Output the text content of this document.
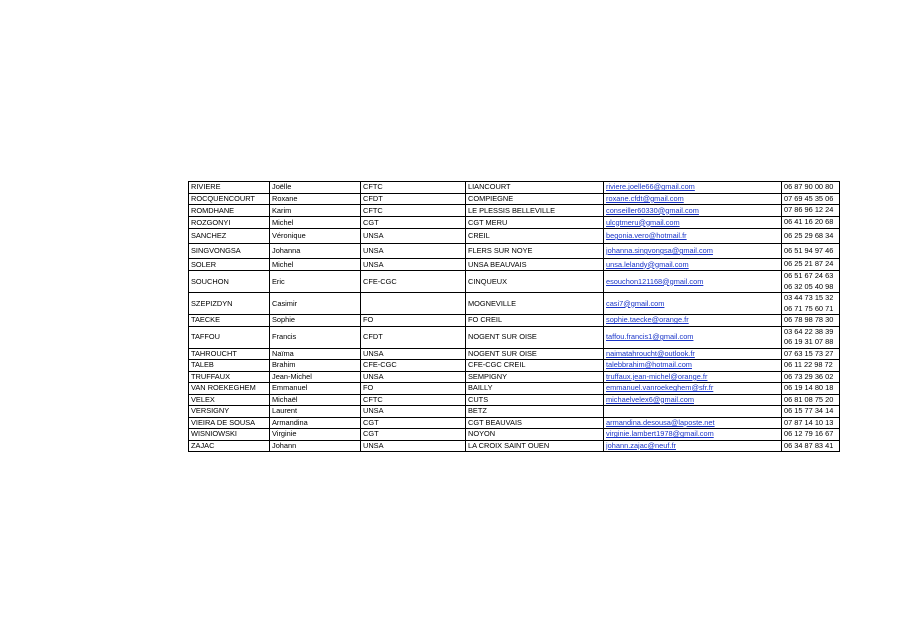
RIVIERE	Joëlle	CFTC	LIANCOURT	riviere.joelle66@gmail.com	06 87 90 00 80

ROCQUENCOURT	Roxane	CFDT	COMPIEGNE	roxane.cfdt@gmail.com	07 69 45 35 06

ROMDHANE	Karim	CFTC	LE PLESSIS BELLEVILLE	conseiller60330@gmail.com	07 86 96 12 24

ROZGONYI	Michel	CGT	CGT MERU	ulcgtmeru@gmail.com	06 41 16 20 68

SANCHEZ	Véronique	UNSA	CREIL	begonia.vero@hotmail.fr	06 25 29 68 34

SINGVONGSA	Johanna	UNSA	FLERS SUR NOYE	johanna.singvongsa@gmail.com	06 51 94 97 46

SOLER	Michel	UNSA	UNSA BEAUVAIS	unsa.lelandy@gmail.com	06 25 21 87 24

SOUCHON	Eric	CFE-CGC	CINQUEUX	esouchon121168@gmail.com	06 51 67 24 63
06 32 05 40 98

SZEPIZDYN	Casimir		MOGNEVILLE	casi7@gmail.com	03 44 73 15 32
06 71 75 60 71

TAECKE	Sophie	FO	FO CREIL	sophie.taecke@orange.fr	06 78 98 78 30

TAFFOU	Francis	CFDT	NOGENT SUR OISE	taffou.francis1@gmail.com	03 64 22 38 39
06 19 31 07 88

TAHROUCHT	Naïma	UNSA	NOGENT SUR OISE	naimatahroucht@outlook.fr	07 63 15 73 27

TALEB	Brahim	CFE-CGC	CFE-CGC CREIL	talebbrahim@hotmail.com	06 11 22 98 72

TRUFFAUX	Jean-Michel	UNSA	SEMPIGNY	truffaux.jean-michel@orange.fr	06 73 29 36 02

VAN ROEKEGHEM	Emmanuel	FO	BAILLY	emmanuel.vanroekeghem@sfr.fr	06 19 14 80 18

VELEX	Michaël	CFTC	CUTS	michaelvelex6@gmail.com	06 81 08 75 20

VERSIGNY	Laurent	UNSA	BETZ		06 15 77 34 14

VIEIRA DE SOUSA	Armandina	CGT	CGT BEAUVAIS	armandina.desousa@laposte.net	07 87 14 10 13

WISNIOWSKI	Virginie	CGT	NOYON	virginie.lambert1978@gmail.com	06 12 79 16 67

ZAJAC	Johann	UNSA	LA CROIX SAINT OUEN	johann.zajac@neuf.fr	06 34 87 83 41
